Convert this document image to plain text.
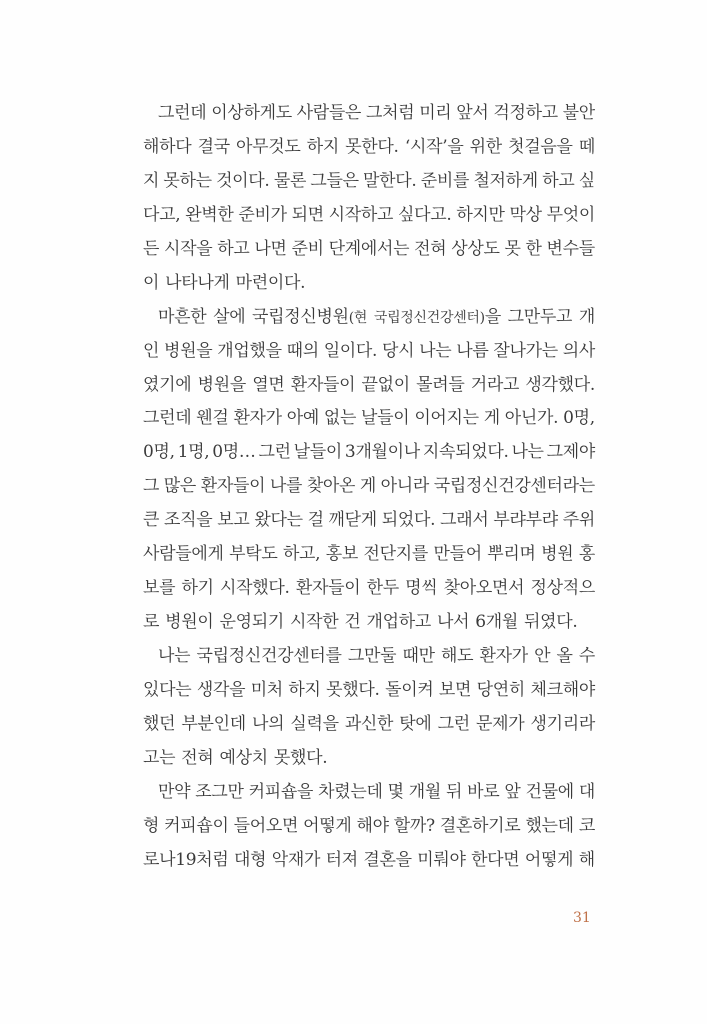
그런데 이상하게도 사람들은 그처럼 미리 앞서 걱정하고 불안
해하다 결국 아무것도 하지 못한다. ‘시작’을 위한 첫걸음을 떼
지 못하는 것이다. 물론 그들은 말한다. 준비를 철저하게 하고 싶
다고, 완벽한 준비가 되면 시작하고 싶다고. 하지만 막상 무엇이
든 시작을 하고 나면 준비 단계에서는 전혀 상상도 못 한 변수들
이 나타나게 마련이다.
마흔한 살에 국립정신병원(현 국립정신건강센터)을 그만두고 개
인 병원을 개업했을 때의 일이다. 당시 나는 나름 잘나가는 의사
였기에 병원을 열면 환자들이 끝없이 몰려들 거라고 생각했다.
그런데 웬걸 환자가 아예 없는 날들이 이어지는 게 아닌가. 0명,
0명, 1명, 0명… 그런 날들이 3개월이나 지속되었다. 나는 그제야
그 많은 환자들이 나를 찾아온 게 아니라 국립정신건강센터라는
큰 조직을 보고 왔다는 걸 깨닫게 되었다. 그래서 부랴부랴 주위
사람들에게 부탁도 하고, 홍보 전단지를 만들어 뿌리며 병원 홍
보를 하기 시작했다. 환자들이 한두 명씩 찾아오면서 정상적으
로 병원이 운영되기 시작한 건 개업하고 나서 6개월 뒤였다.
나는 국립정신건강센터를 그만둘 때만 해도 환자가 안 올 수
있다는 생각을 미처 하지 못했다. 돌이켜 보면 당연히 체크해야
했던 부분인데 나의 실력을 과신한 탓에 그런 문제가 생기리라
고는 전혀 예상치 못했다.
만약 조그만 커피숍을 차렸는데 몇 개월 뒤 바로 앞 건물에 대
형 커피숍이 들어오면 어떻게 해야 할까? 결혼하기로 했는데 코
로나19처럼 대형 악재가 터져 결혼을 미뤄야 한다면 어떻게 해
31
